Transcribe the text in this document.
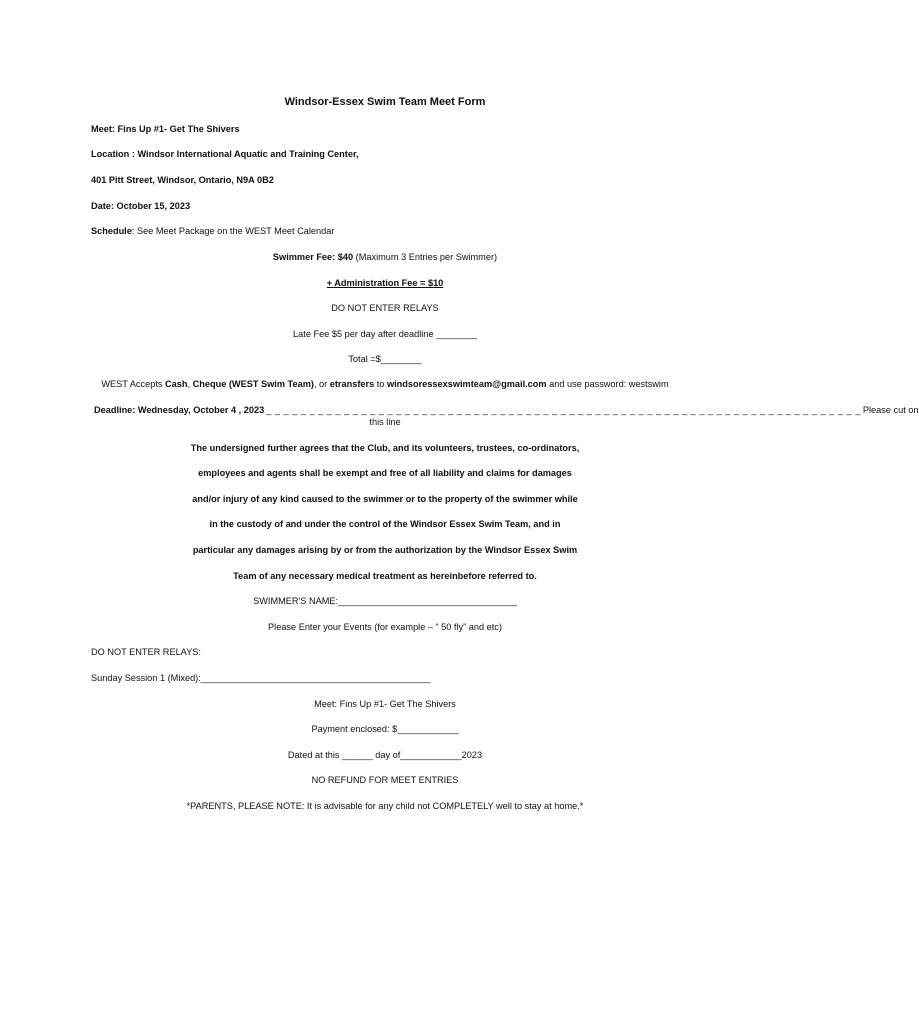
Windsor-Essex Swim Team Meet Form
Meet: Fins Up #1- Get The Shivers
Location : Windsor International Aquatic and Training Center,
401 Pitt Street, Windsor, Ontario, N9A 0B2
Date: October 15, 2023
Schedule: See Meet Package on the WEST Meet Calendar
Swimmer Fee: $40 (Maximum 3 Entries per Swimmer)
+ Administration Fee = $10
DO NOT ENTER RELAYS
Late Fee $5 per day after deadline ________
Total =$________
WEST Accepts Cash, Cheque (WEST Swim Team), or etransfers to windsoressexswimteam@gmail.com and use password: westswim
Deadline: Wednesday, October 4 , 2023 _ _ _ _ _ _ _ _ _ _ _ _ _ _ _ _ _ _ _ _ _ _ _ _ _ _ _ _ _ _ _ _ _ _ _ _ _ _ _ _ _ _ _ _ _ _ _ _ _ _ _ _ _ _ _ _ _ _ _ _ _ _ _ _ _ _ _ _ _ Please cut on
this line
The undersigned further agrees that the Club, and its volunteers, trustees, co-ordinators,
employees and agents shall be exempt and free of all liability and claims for damages
and/or injury of any kind caused to the swimmer or to the property of the swimmer while
in the custody of and under the control of the Windsor Essex Swim Team, and in
particular any damages arising by or from the authorization by the Windsor Essex Swim
Team of any necessary medical treatment as hereinbefore referred to.
SWIMMER'S NAME:___________________________________
Please Enter your Events (for example – “ 50 fly” and etc)
DO NOT ENTER RELAYS:
Sunday Session 1 (Mixed):_____________________________________________
Meet: Fins Up #1- Get The Shivers
Payment enclosed: $____________
Dated at this ______ day of____________2023
NO REFUND FOR MEET ENTRIES
*PARENTS, PLEASE NOTE: It is advisable for any child not COMPLETELY well to stay at home.*
